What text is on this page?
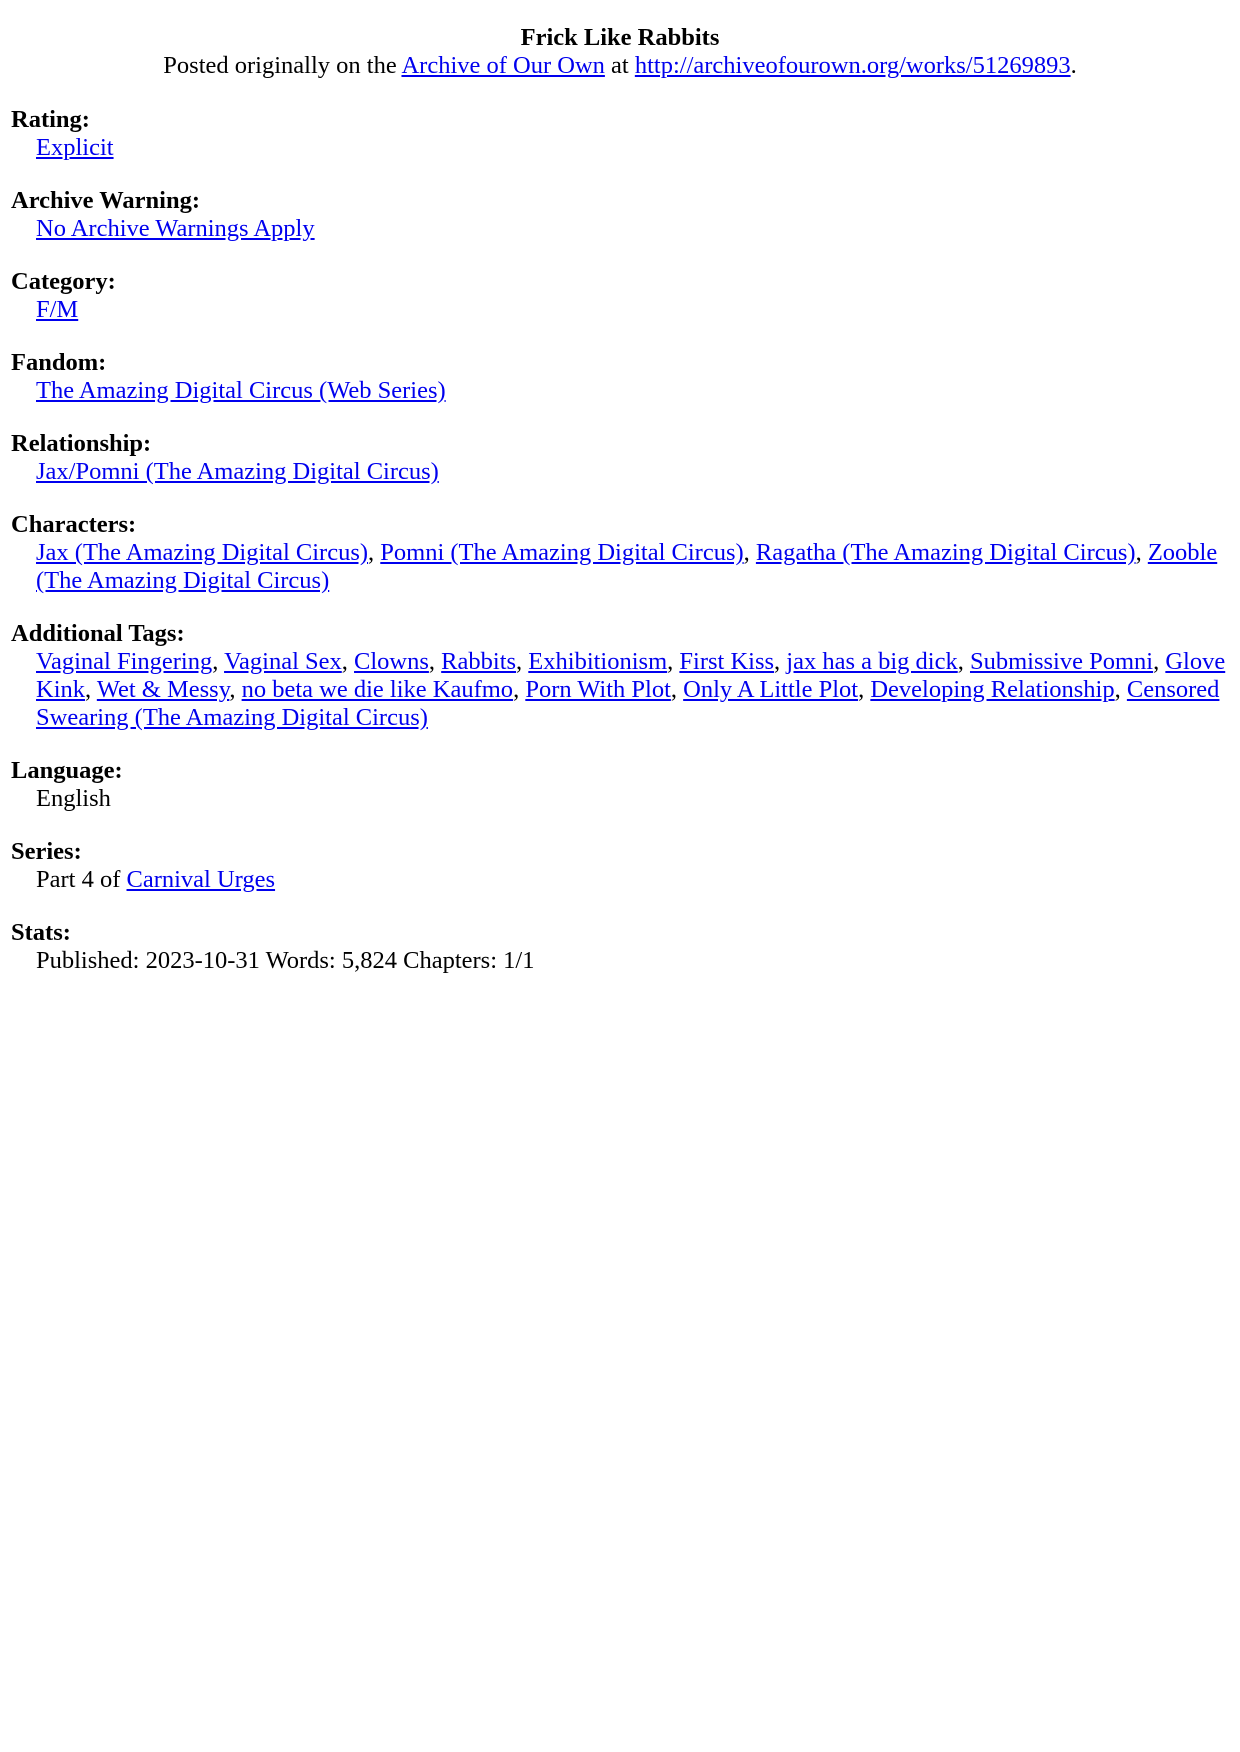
Frick Like Rabbits

Posted originally on the Archive of Our Own at http://archiveofourown.org/works/51269893.

Rating:

Explicit

Archive Warning:

No Archive Warnings Apply

Category:

F/M

Fandom:

The Amazing Digital Circus (Web Series)

Relationship:

Jax/Pomni (The Amazing Digital Circus)

Characters:

Jax (The Amazing Digital Circus), Pomni (The Amazing Digital Circus), Ragatha (The Amazing Digital Circus), Zooble (The Amazing Digital Circus)

Additional Tags:

Vaginal Fingering, Vaginal Sex, Clowns, Rabbits, Exhibitionism, First Kiss, jax has a big dick, Submissive Pomni, Glove Kink, Wet & Messy, no beta we die like Kaufmo, Porn With Plot, Only A Little Plot, Developing Relationship, Censored Swearing (The Amazing Digital Circus)

Language:

English

Series:

Part 4 of Carnival Urges

Stats:

Published: 2023-10-31 Words: 5,824 Chapters: 1/1
